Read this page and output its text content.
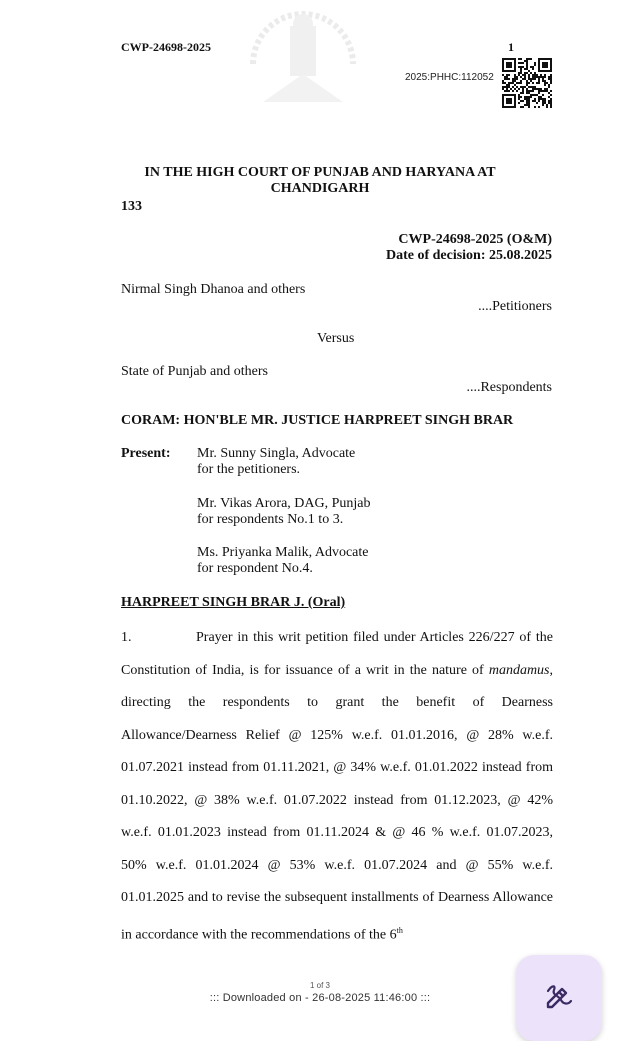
CWP-24698-2025	1
2025:PHHC:112052
IN THE HIGH COURT OF PUNJAB AND HARYANA AT
CHANDIGARH
133
CWP-24698-2025 (O&M)
Date of decision: 25.08.2025
Nirmal Singh Dhanoa and others
....Petitioners
Versus
State of Punjab and others
....Respondents
CORAM: HON'BLE MR. JUSTICE HARPREET SINGH BRAR
Present: Mr. Sunny Singla, Advocate
for the petitioners.
Mr. Vikas Arora, DAG, Punjab
for respondents No.1 to 3.
Ms. Priyanka Malik, Advocate
for respondent No.4.
HARPREET SINGH BRAR J. (Oral)
1.	Prayer in this writ petition filed under Articles 226/227 of the Constitution of India, is for issuance of a writ in the nature of mandamus, directing the respondents to grant the benefit of Dearness Allowance/Dearness Relief @ 125% w.e.f. 01.01.2016, @ 28% w.e.f. 01.07.2021 instead from 01.11.2021, @ 34% w.e.f. 01.01.2022 instead from 01.10.2022, @ 38% w.e.f. 01.07.2022 instead from 01.12.2023, @ 42% w.e.f. 01.01.2023 instead from 01.11.2024 & @ 46 % w.e.f. 01.07.2023, 50% w.e.f. 01.01.2024 @ 53% w.e.f. 01.07.2024 and @ 55% w.e.f. 01.01.2025 and to revise the subsequent installments of Dearness Allowance in accordance with the recommendations of the 6th
1 of 3
::: Downloaded on - 26-08-2025 11:46:00 :::
